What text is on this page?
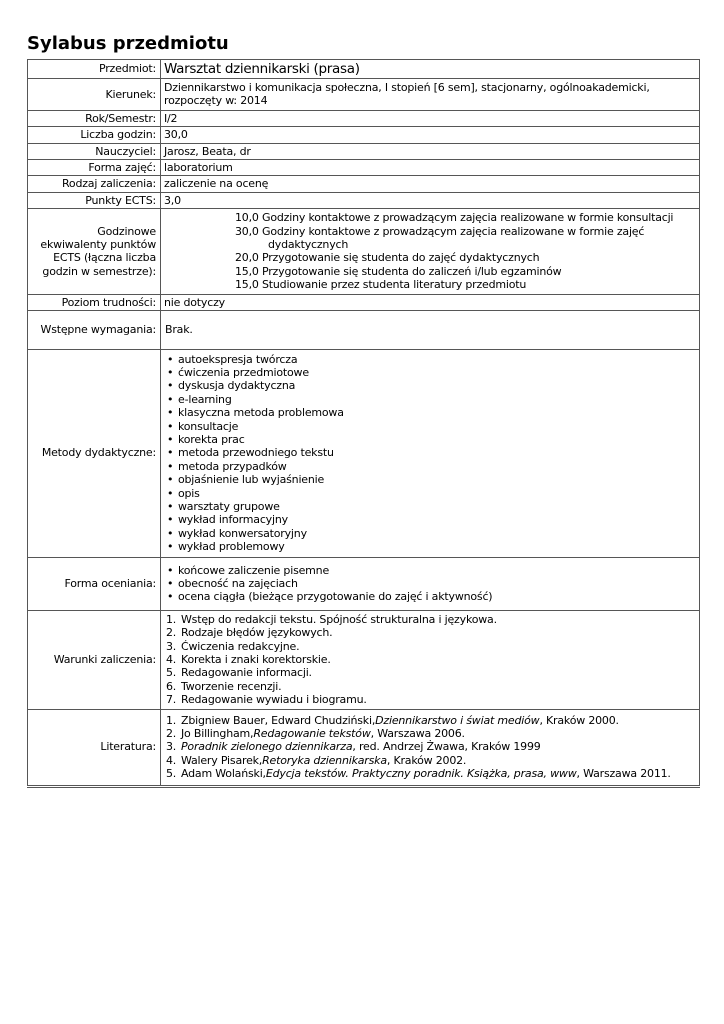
Sylabus przedmiotu
Przedmiot:	Warsztat dziennikarski (prasa)
Kierunek:	Dziennikarstwo i komunikacja społeczna, I stopień [6 sem], stacjonarny, ogólnoakademicki, rozpoczęty w: 2014
Rok/Semestr:	I/2
Liczba godzin:	30,0
Nauczyciel:	Jarosz, Beata, dr
Forma zajęć:	laboratorium
Rodzaj zaliczenia:	zaliczenie na ocenę
Punkty ECTS:	3,0

Godzinowe
ekwiwalenty punktów
ECTS (łączna liczba
godzin w semestrze):

10,0 Godziny kontaktowe z prowadzącym zajęcia realizowane w formie konsultacji
30,0 Godziny kontaktowe z prowadzącym zajęcia realizowane w formie zajęć dydaktycznych
20,0 Przygotowanie się studenta do zajęć dydaktycznych
15,0 Przygotowanie się studenta do zaliczeń i/lub egzaminów
15,0 Studiowanie przez studenta literatury przedmiotu

Poziom trudności:	nie dotyczy
Wstępne wymagania:	Brak.
Metody dydaktyczne:	
• autoekspresja twórcza
• ćwiczenia przedmiotowe
• dyskusja dydaktyczna
• e-learning
• klasyczna metoda problemowa
• konsultacje
• korekta prac
• metoda przewodniego tekstu
• metoda przypadków
• objaśnienie lub wyjaśnienie
• opis
• warsztaty grupowe
• wykład informacyjny
• wykład konwersatoryjny
• wykład problemowy

Forma oceniania:	
• końcowe zaliczenie pisemne
• obecność na zajęciach
• ocena ciągła (bieżące przygotowanie do zajęć i aktywność)

Warunki zaliczenia:	
1. Wstęp do redakcji tekstu. Spójność strukturalna i językowa.
2. Rodzaje błędów językowych.
3. Ćwiczenia redakcyjne.
4. Korekta i znaki korektorskie.
5. Redagowanie informacji.
6. Tworzenie recenzji.
7. Redagowanie wywiadu i biogramu.

Literatura:	
1. Zbigniew Bauer, Edward Chudziński,Dziennikarstwo i świat mediów, Kraków 2000.
2. Jo Billingham,Redagowanie tekstów, Warszawa 2006.
3. Poradnik zielonego dziennikarza, red. Andrzej Żwawa, Kraków 1999
4. Walery Pisarek,Retoryka dziennikarska, Kraków 2002.
5. Adam Wolański,Edycja tekstów. Praktyczny poradnik. Książka, prasa, www, Warszawa 2011.
